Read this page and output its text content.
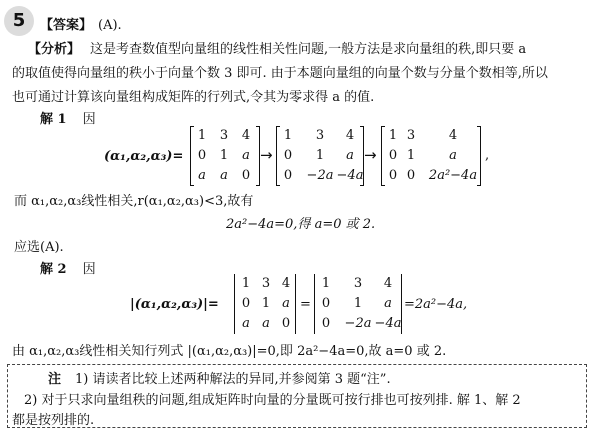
5	【答案】 (A).
【分析】 这是考查数值型向量组的线性相关性问题,一般方法是求向量组的秩,即只要 a
的取值使得向量组的秩小于向量个数 3 即可. 由于本题向量组的向量个数与分量个数相等,所以
也可通过计算该向量组构成矩阵的行列式,令其为零求得 a 的值.
解 1 因
(α₁,α₂,α₃)=
1 3 4
0 1 a
a a 0
→
1 3 4
0 1 a
0 −2a −4a
→
1 3	4
0 1	a
0 0 2a²−4a
,
而 α₁,α₂,α₃线性相关,r(α₁,α₂,α₃)<3,故有
2a²−4a=0,得 a=0 或 2.
应选(A).
解 2 因
|(α₁,α₂,α₃)|=
1 3 4
0 1 a
a a 0
=
1 3 4
0 1 a
0 −2a −4a
=2a²−4a,
由 α₁,α₂,α₃线性相关知行列式 |(α₁,α₂,α₃)|=0,即 2a²−4a=0,故 a=0 或 2.
注 1) 请读者比较上述两种解法的异同,并参阅第 3 题“注”.
2) 对于只求向量组秩的问题,组成矩阵时向量的分量既可按行排也可按列排. 解 1、解 2
都是按列排的.
